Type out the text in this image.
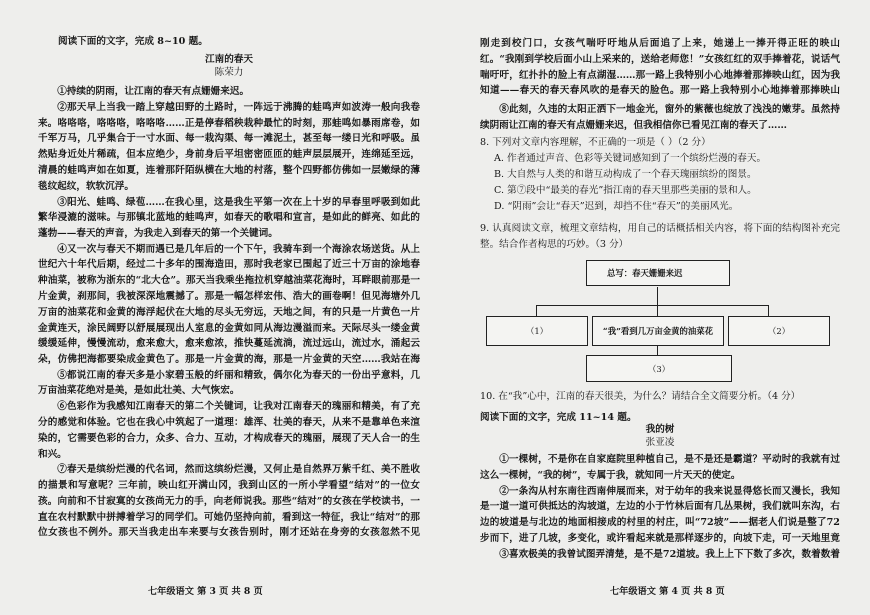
阅读下面的文字，完成 8~10 题。

江南的春天

陈荣力

①持续的阴雨，让江南的春天有点姗姗来迟。

②那天早上当我一踏上穿越田野的土路时，一阵远于沸腾的蛙鸣声如波涛一般向我卷来。咯咯咯，咯咯咯，咯咯咯……正是停春稻秧栽种最忙的时刻，那蛙鸣如暴雨席卷，如千军万马，几乎集合于一寸水面、每一栽沟渠、每一滩泥土，甚至每一缕日光和呼吸。虽然贴身近处片稀疏，但本应绝少，身前身后平坦密密匝匝的蛙声层层展开，连绵延至远，清晨的蛙鸣声如在如夏，连着那阡陌纵横在大地的村落，整个四野都仿佛如一层嫩绿的薄毯纹起纹，软软沉浮。

③阳光、蛙鸣、绿苞……在我心里，这是我生平第一次在上十岁的早春里呼吸到如此繁华浸漉的滋味。与那镇北蓝地的蛙鸣声，如春天的歌唱和宣言，是如此的鲜亮、如此的蓬勃——春天的声音，为我走入到春天的第一个关键词。

④又一次与春天不期而遇已是几年后的一个下午，我骑车到一个海涂农场送货。从上世纪六十年代后期，经过二十多年的围海造田，那时我老家已围起了近三十万亩的涂地春种油菜，被称为浙东的“北大仓”。那天当我乘坐拖拉机穿越油菜花海时，耳畔眼前那是一片金黄，刹那间，我被深深地震撼了。那是一幅怎样宏伟、浩大的画卷啊！但见海塘外几万亩的油菜花和金黄的海浮起伏在大地的尽头无穷远，天地之间，有的只是一片黄色一片金黄连天，涂民阔野以舒展展现出人室息的金黄如同从海边漫溢而来。天际尽头一缕金黄缓缓延伸，慢慢流动，愈来愈大，愈来愈浓，推快蔓延流淌，流过远山，流过水，涌起云朵，仿佛把海都要染成金黄色了。那是一片金黄的海，那是一片金黄的天空……我站在海

⑤都说江南的春天多是小家碧玉般的纤丽和精致，偶尔化为春天的一份出乎意料，几万亩油菜花绝对是美，是如此壮美、大气恢宏。

⑥色彩作为我感知江南春天的第二个关键词，让我对江南春天的瑰丽和精美，有了充分的感觉和体验。它也在我心中筑起了一道理：雄浑、壮美的春天，从来不是靠单色来渲染的，它需要色彩的合力，众多、合力、互动，才构成春天的瑰丽，展现了天人合一的生和兴。

⑦春天是缤纷烂漫的代名词，然而这缤纷烂漫，又何止是自然界万紫千红、美不胜收的描景和写意呢？三年前，映山红开满山冈，我到山区的一所小学看望“结对”的一位女孩。向前和不甘寂寞的女孩尚无力的手，向老师说我。那些“结对”的女孩在学校读书，一直在农村默默中拼搏着学习的同学们。可她仍坚持向前，看到这一特征，我让“结对”的那位女孩也不例外。那天当我走出车来要与女孩告别时，刚才还站在身旁的女孩忽然不见

七年级语文 第 3 页 共 8 页

刚走到校门口，女孩气喘吁吁地从后面追了上来，她递上一捧开得正旺的映山红。“我刚到学校后面小山上采来的，送给老师您！”女孩红红的双手捧着花，说话气喘吁吁，红扑扑的脸上有点湖湿……那一路上我特别小心地捧着那捧映山红，因为我知道——春天的春天春风吹的是春天的脸色。那一路上我特别小心地捧着那捧映山

⑧此刻，久违的太阳正洒下一地金光，窗外的紫薇也绽放了浅浅的嫩芽。虽然持续阴雨让江南的春天有点姗姗来迟，但我相信你已看见江南的春天了……

8. 下列对文章内容理解，不正确的一项是（ ）（2 分）

A. 作者通过声音、色彩等关键词感知到了一个缤纷烂漫的春天。

B. 大自然与人类的和谐互动构成了一个春天瑰丽缤纷的图景。

C. 第⑦段中“最美的春光”指江南的春天里那些美丽的景和人。

D. “阴雨”会让“春天”迟到，却挡不住“春天”的美丽风光。

9. 认真阅读文章，梳理文章结构，用自己的话概括相关内容，将下面的结构图补充完整。结合作者构思的巧妙。（3 分）

总写：春天姗姗来迟
（1）	“我”看到几万亩金黄的油菜花	（2）
（3）

10. 在“我”心中，江南的春天很美，为什么？请结合全文简要分析。（4 分）

阅读下面的文字，完成 11~14 题。

我的树

张亚凌

①一棵树，不是你在自家庭院里种植自己，是不是还是霸道？平动时的我就有过这么一棵树，“我的树”，专属于我，就知同一片天天的使定。

②一条沟从村东南往西南伸展而来，对于幼年的我来说显得悠长而又漫长，我知是一道一道可供抵达的沟坡道，左边的小于竹林后面有几丛果树，我们就叫东沟，右边的坡道是与北边的地面相接成的村里的村庄，叫“72坡”——据老人们说是整了72步而下，进了几坡，多变化，或许看起来就是那样逐步的，向坡下走，可一天地里竟

③喜欢极美的我曾试图弄清楚，是不是72道坡。我上上下下数了多次，数着数着

七年级语文 第 4 页 共 8 页
